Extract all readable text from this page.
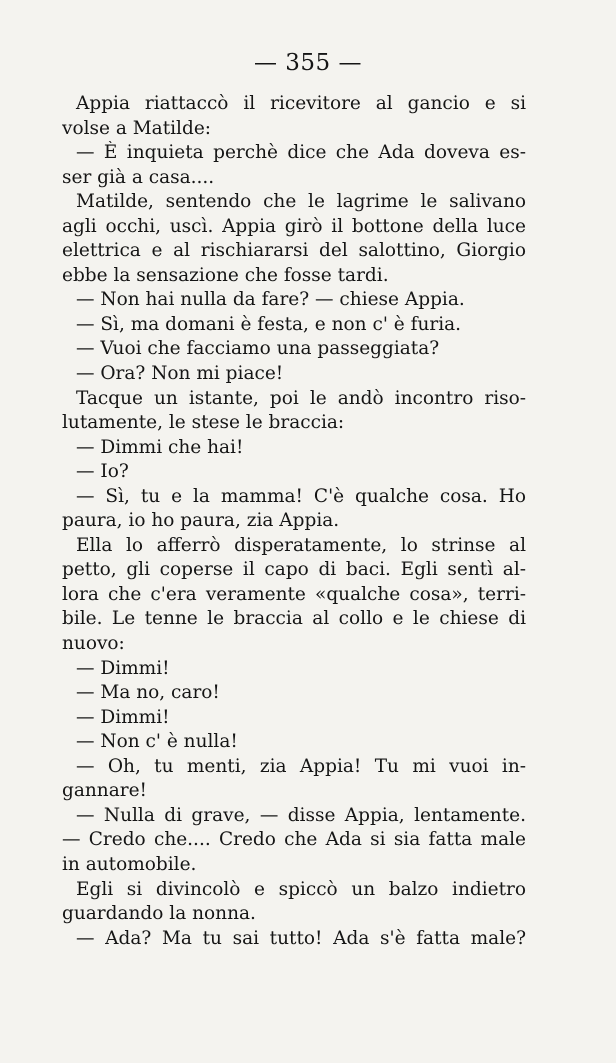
— 355 —
Appia riattaccò il ricevitore al gancio e si
volse a Matilde:
— È inquieta perchè dice che Ada doveva es-
ser già a casa....
Matilde, sentendo che le lagrime le salivano
agli occhi, uscì. Appia girò il bottone della luce
elettrica e al rischiararsi del salottino, Giorgio
ebbe la sensazione che fosse tardi.
— Non hai nulla da fare? — chiese Appia.
— Sì, ma domani è festa, e non c' è furia.
— Vuoi che facciamo una passeggiata?
— Ora? Non mi piace!
Tacque un istante, poi le andò incontro riso-
lutamente, le stese le braccia:
— Dimmi che hai!
— Io?
— Sì, tu e la mamma! C'è qualche cosa. Ho
paura, io ho paura, zia Appia.
Ella lo afferrò disperatamente, lo strinse al
petto, gli coperse il capo di baci. Egli sentì al-
lora che c'era veramente «qualche cosa», terri-
bile. Le tenne le braccia al collo e le chiese di
nuovo:
— Dimmi!
— Ma no, caro!
— Dimmi!
— Non c' è nulla!
— Oh, tu menti, zia Appia! Tu mi vuoi in-
gannare!
— Nulla di grave, — disse Appia, lentamente.
— Credo che.... Credo che Ada si sia fatta male
in automobile.
Egli si divincolò e spiccò un balzo indietro
guardando la nonna.
— Ada? Ma tu sai tutto! Ada s'è fatta male?
